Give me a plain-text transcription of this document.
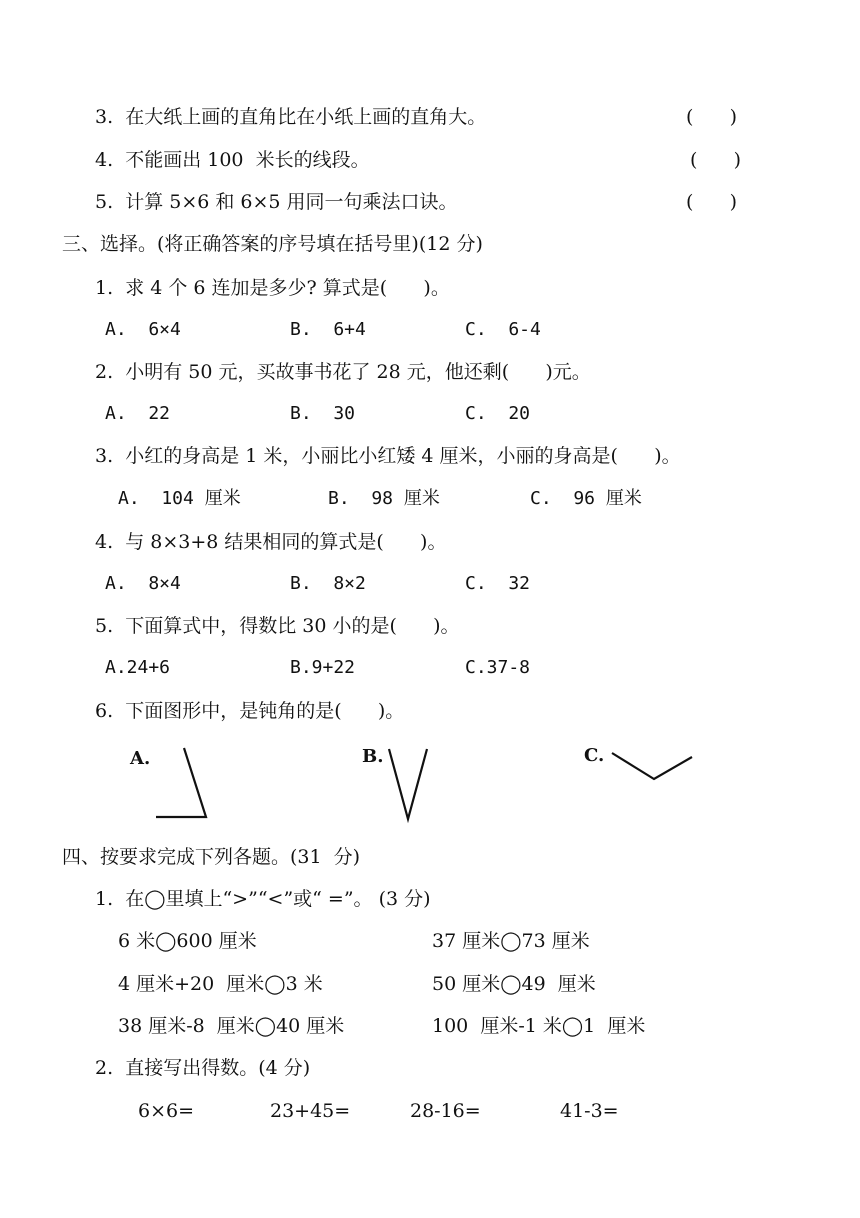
3.  在大纸上画的直角比在小纸上画的直角大。	(      )
4.  不能画出 100  米长的线段。	(      )
5.  计算 5×6 和 6×5 用同一句乘法口诀。	(      )
三、选择。(将正确答案的序号填在括号里)(12 分)
1.  求 4 个 6 连加是多少? 算式是(      )。
A.  6×4	B.  6+4	C.  6-4
2.  小明有 50 元，买故事书花了 28 元，他还剩(      )元。
A.  22	B.  30	C.  20
3.  小红的身高是 1 米，小丽比小红矮 4 厘米，小丽的身高是(      )。
A.  104 厘米	B.  98 厘米	C.  96 厘米
4.  与 8×3+8 结果相同的算式是(      )。
A.  8×4	B.  8×2	C.  32
5.  下面算式中，得数比 30 小的是(      )。
A.24+6	B.9+22	C.37-8
6.  下面图形中，是钝角的是(      )。
A.	B.	C.
四、按要求完成下列各题。(31  分)
1.  在◯里填上“>”“<”或“ =”。 (3 分)
6 米◯600 厘米	37 厘米◯73 厘米
4 厘米+20  厘米◯3 米	50 厘米◯49  厘米
38 厘米-8  厘米◯40 厘米	100  厘米-1 米◯1  厘米
2.  直接写出得数。(4 分)
6×6=	23+45=	28-16=	41-3=
